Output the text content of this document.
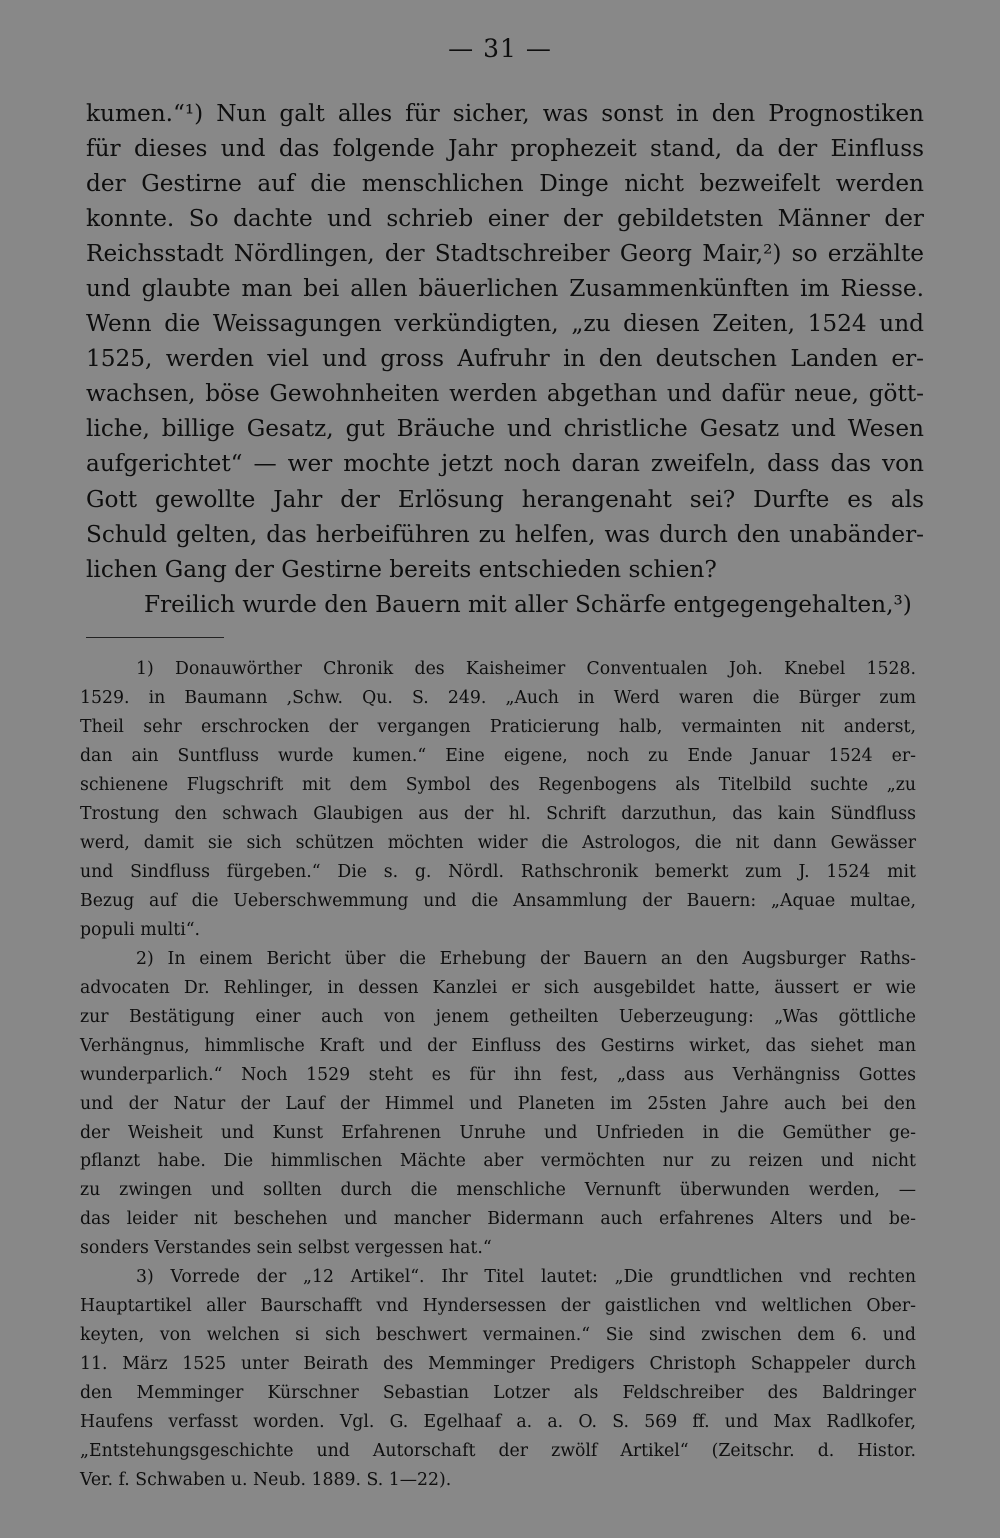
— 31 —
kumen.“¹) Nun galt alles für sicher, was sonst in den Prognostiken
für dieses und das folgende Jahr prophezeit stand, da der Einfluss
der Gestirne auf die menschlichen Dinge nicht bezweifelt werden
konnte. So dachte und schrieb einer der gebildetsten Männer der
Reichsstadt Nördlingen, der Stadtschreiber Georg Mair,²) so erzählte
und glaubte man bei allen bäuerlichen Zusammenkünften im Riesse.
Wenn die Weissagungen verkündigten, „zu diesen Zeiten, 1524 und
1525, werden viel und gross Aufruhr in den deutschen Landen er-
wachsen, böse Gewohnheiten werden abgethan und dafür neue, gött-
liche, billige Gesatz, gut Bräuche und christliche Gesatz und Wesen
aufgerichtet“ — wer mochte jetzt noch daran zweifeln, dass das von
Gott gewollte Jahr der Erlösung herangenaht sei? Durfte es als
Schuld gelten, das herbeiführen zu helfen, was durch den unabänder-
lichen Gang der Gestirne bereits entschieden schien?
Freilich wurde den Bauern mit aller Schärfe entgegengehalten,³)
1) Donauwörther Chronik des Kaisheimer Conventualen Joh. Knebel 1528.
1529. in Baumann ,Schw. Qu. S. 249. „Auch in Werd waren die Bürger zum
Theil sehr erschrocken der vergangen Praticierung halb, vermainten nit anderst,
dan ain Suntfluss wurde kumen.“ Eine eigene, noch zu Ende Januar 1524 er-
schienene Flugschrift mit dem Symbol des Regenbogens als Titelbild suchte „zu
Trostung den schwach Glaubigen aus der hl. Schrift darzuthun, das kain Sündfluss
werd, damit sie sich schützen möchten wider die Astrologos, die nit dann Gewässer
und Sindfluss fürgeben.“ Die s. g. Nördl. Rathschronik bemerkt zum J. 1524 mit
Bezug auf die Ueberschwemmung und die Ansammlung der Bauern: „Aquae multae,
populi multi“.
2) In einem Bericht über die Erhebung der Bauern an den Augsburger Raths-
advocaten Dr. Rehlinger, in dessen Kanzlei er sich ausgebildet hatte, äussert er wie
zur Bestätigung einer auch von jenem getheilten Ueberzeugung: „Was göttliche
Verhängnus, himmlische Kraft und der Einfluss des Gestirns wirket, das siehet man
wunderparlich.“ Noch 1529 steht es für ihn fest, „dass aus Verhängniss Gottes
und der Natur der Lauf der Himmel und Planeten im 25sten Jahre auch bei den
der Weisheit und Kunst Erfahrenen Unruhe und Unfrieden in die Gemüther ge-
pflanzt habe. Die himmlischen Mächte aber vermöchten nur zu reizen und nicht
zu zwingen und sollten durch die menschliche Vernunft überwunden werden, —
das leider nit beschehen und mancher Bidermann auch erfahrenes Alters und be-
sonders Verstandes sein selbst vergessen hat.“
3) Vorrede der „12 Artikel“. Ihr Titel lautet: „Die grundtlichen vnd rechten
Hauptartikel aller Baurschafft vnd Hyndersessen der gaistlichen vnd weltlichen Ober-
keyten, von welchen si sich beschwert vermainen.“ Sie sind zwischen dem 6. und
11. März 1525 unter Beirath des Memminger Predigers Christoph Schappeler durch
den Memminger Kürschner Sebastian Lotzer als Feldschreiber des Baldringer
Haufens verfasst worden. Vgl. G. Egelhaaf a. a. O. S. 569 ff. und Max Radlkofer,
„Entstehungsgeschichte und Autorschaft der zwölf Artikel“ (Zeitschr. d. Histor.
Ver. f. Schwaben u. Neub. 1889. S. 1—22).
